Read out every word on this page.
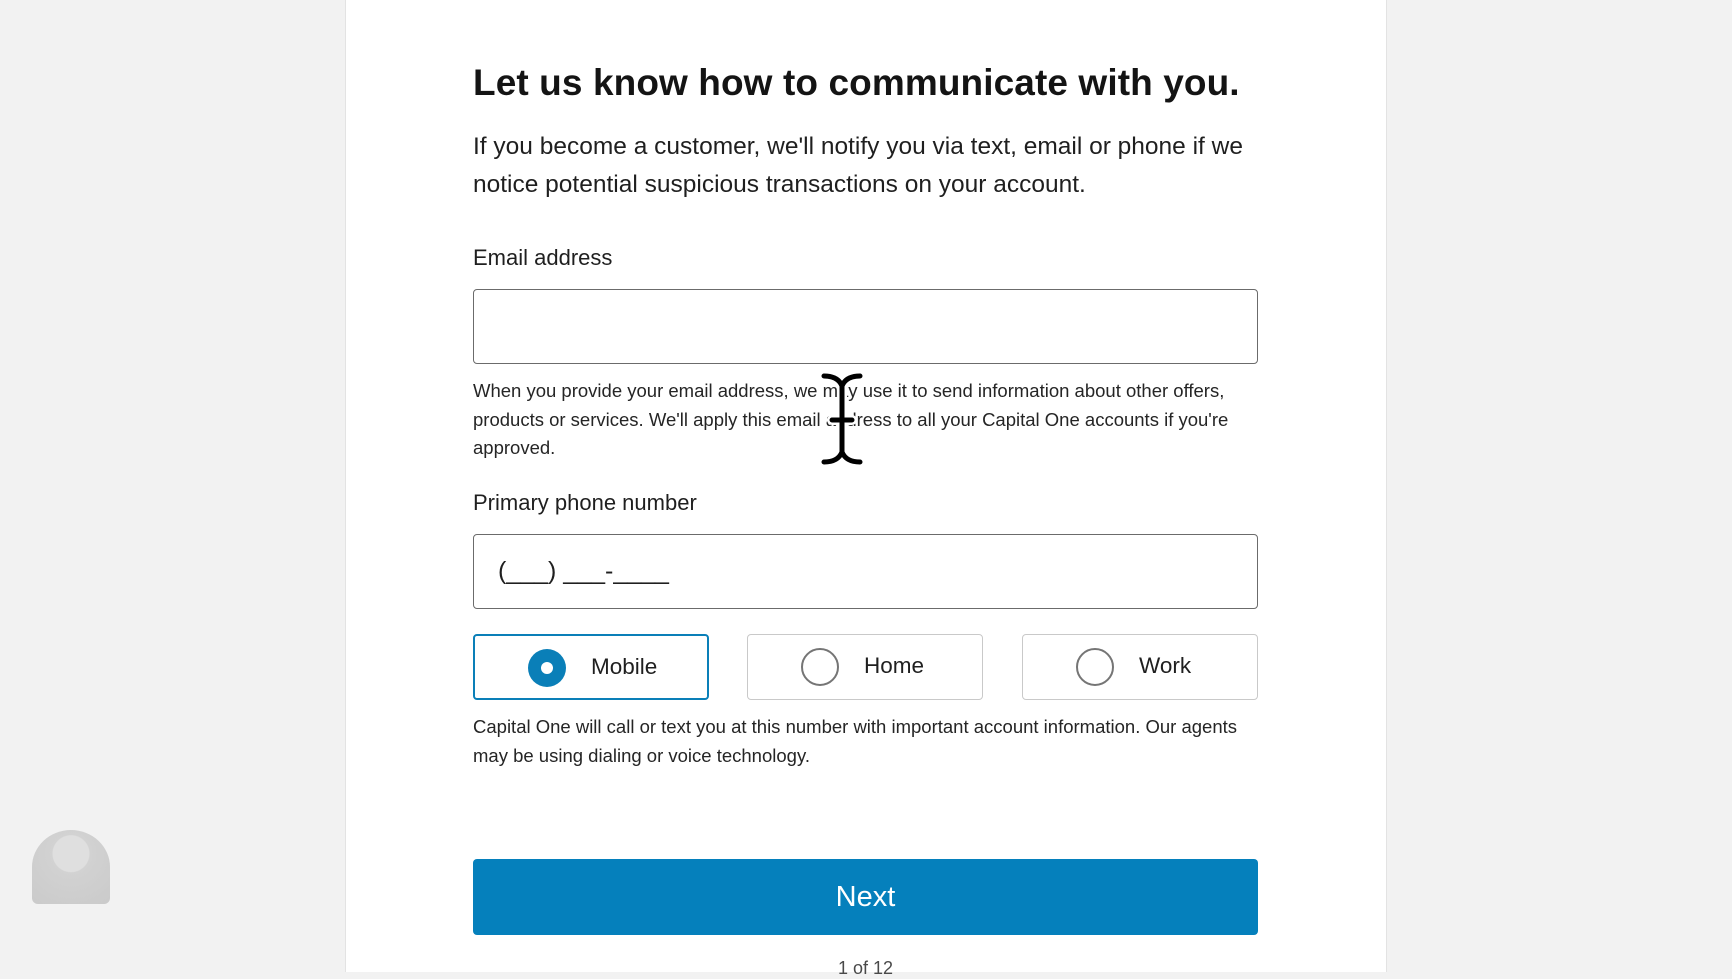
Let us know how to communicate with you.

If you become a customer, we'll notify you via text, email or phone if we notice potential suspicious transactions on your account.

Email address

When you provide your email address, we may use it to send information about other offers, products or services. We'll apply this email address to all your Capital One accounts if you're approved.

Primary phone number
(___) ___-____
Mobile	Home	Work

Capital One will call or text you at this number with important account information. Our agents may be using dialing or voice technology.

Next
1 of 12
